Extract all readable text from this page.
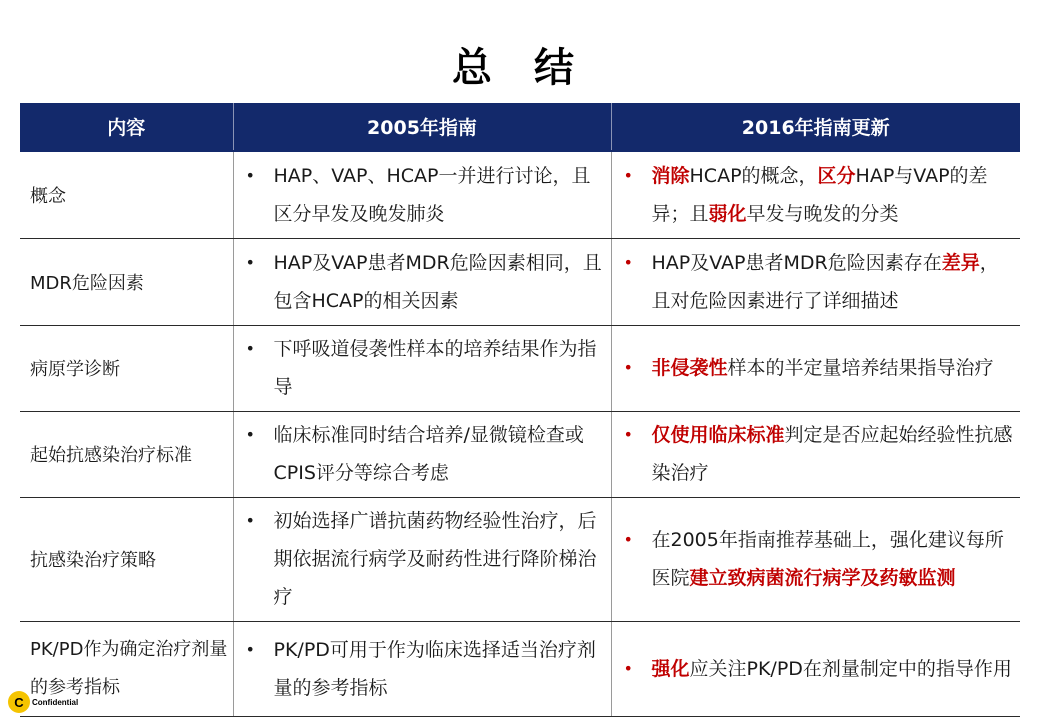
总 结
内容	2005年指南	2016年指南更新
概念	• HAP、VAP、HCAP一并进行讨论，且区分早发及晚发肺炎	• 消除HCAP的概念，区分HAP与VAP的差异；且弱化早发与晚发的分类

MDR危险因素	• HAP及VAP患者MDR危险因素相同，且包含HCAP的相关因素	• HAP及VAP患者MDR危险因素存在差异，且对危险因素进行了详细描述

病原学诊断	• 下呼吸道侵袭性样本的培养结果作为指导	• 非侵袭性样本的半定量培养结果指导治疗

起始抗感染治疗标准	• 临床标准同时结合培养/显微镜检查或CPIS评分等综合考虑	• 仅使用临床标准判定是否应起始经验性抗感染治疗

抗感染治疗策略	• 初始选择广谱抗菌药物经验性治疗，后期依据流行病学及耐药性进行降阶梯治疗	• 在2005年指南推荐基础上，强化建议每所医院建立致病菌流行病学及药敏监测

PK/PD作为确定治疗剂量的参考指标	• PK/PD可用于作为临床选择适当治疗剂量的参考指标	• 强化应关注PK/PD在剂量制定中的指导作用
C	Confidential
